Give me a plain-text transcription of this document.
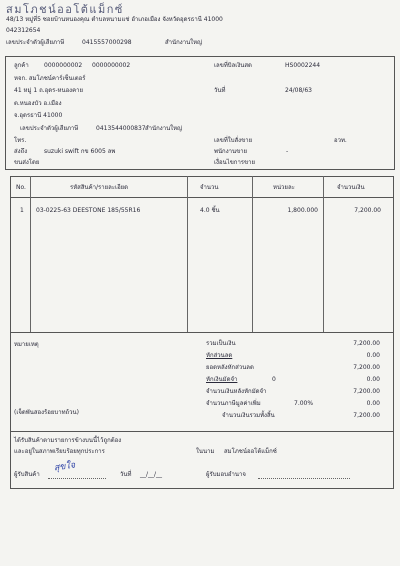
สมโภชน์ออโต้แม็กซ์
48/13 หมู่ที่5 ซอยบ้านหนองคุณ ตำบลหนามแช่ อำเภอเมือง จังหวัดอุดรธานี 41000
042312654
เลขประจำตัวผู้เสียภาษี	0415557000298	สำนักงานใหญ่
ลูกค้า	0000000002 0000000002
หจก. สมโภชน์คาร์เซ็นเตอร์
41 หมู่ 1 ถ.อุดร-หนองคาย
ต.หนองบัว อ.เมือง
จ.อุดรธานี 41000
เลขประจำตัวผู้เสียภาษี	0413544000837 สำนักงานใหญ่
โทร.
ส่งถึง	suzuki swift กข 6005 ลพ
ขนส่งโดย
เลขที่บิลเงินสด	HS0002244
วันที่	24/08/63
เลขที่ใบสั่งขาย	อวท.
พนักงานขาย	-
เงื่อนไขการขาย
No.	รหัสสินค้า/รายละเอียด	จำนวน	หน่วยละ	จำนวนเงิน
1 03-0225-63 DEESTONE 185/55R16	4.0 ชิ้น	1,800.000	7,200.00
หมายเหตุ
(เจ็ดพันสองร้อยบาทถ้วน)
รวมเป็นเงิน	7,200.00
หักส่วนลด	0.00
ยอดหลังหักส่วนลด	7,200.00
หักเงินมัดจำ	0	0.00
จำนวนเงินหลังหักมัดจำ	7,200.00
จำนวนภาษีมูลค่าเพิ่ม	7.00%	0.00
จำนวนเงินรวมทั้งสิ้น	7,200.00
ได้รับสินค้าตามรายการข้างบนนี้ไว้ถูกต้อง
และอยู่ในสภาพเรียบร้อยทุกประการ	ในนาม สมโภชน์ออโต้แม็กซ์
ผู้รับสินค้า
สุขใจ
วันที่ __/__/__	ผู้รับมอบอำนาจ
